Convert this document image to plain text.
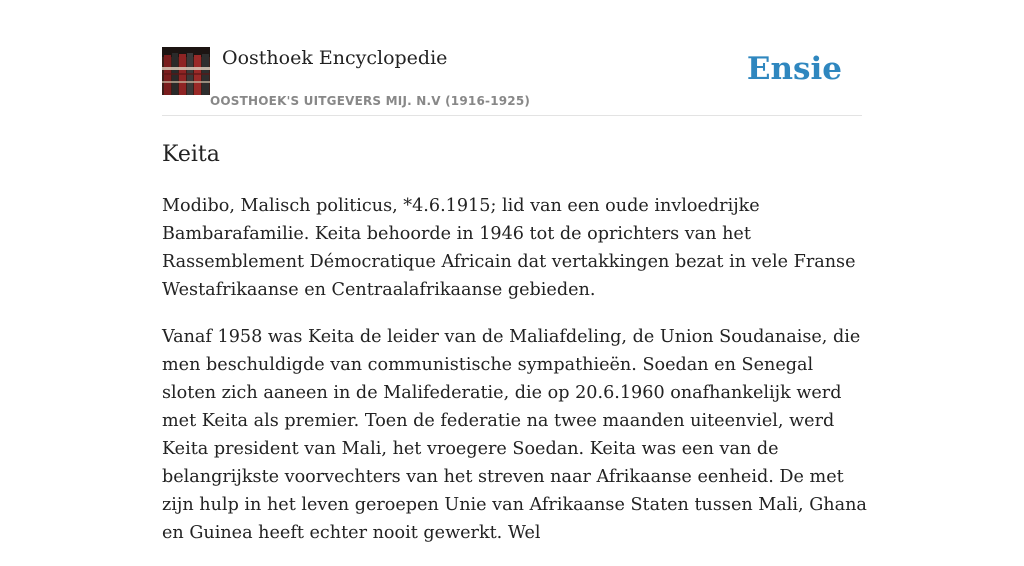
Oosthoek Encyclopedie
OOSTHOEK'S UITGEVERS MIJ. N.V (1916-1925)
Ensie
Keita

Modibo, Malisch politicus, *4.6.1915; lid van een oude invloedrijke Bambarafamilie. Keita behoorde in 1946 tot de oprichters van het Rassemblement Démocratique Africain dat vertakkingen bezat in vele Franse Westafrikaanse en Centraalafrikaanse gebieden.

Vanaf 1958 was Keita de leider van de Maliafdeling, de Union Soudanaise, die men beschuldigde van communistische sympathieën. Soedan en Senegal sloten zich aaneen in de Malifederatie, die op 20.6.1960 onafhankelijk werd met Keita als premier. Toen de federatie na twee maanden uiteenviel, werd Keita president van Mali, het vroegere Soedan. Keita was een van de belangrijkste voorvechters van het streven naar Afrikaanse eenheid. De met zijn hulp in het leven geroepen Unie van Afrikaanse Staten tussen Mali, Ghana en Guinea heeft echter nooit gewerkt. Wel
